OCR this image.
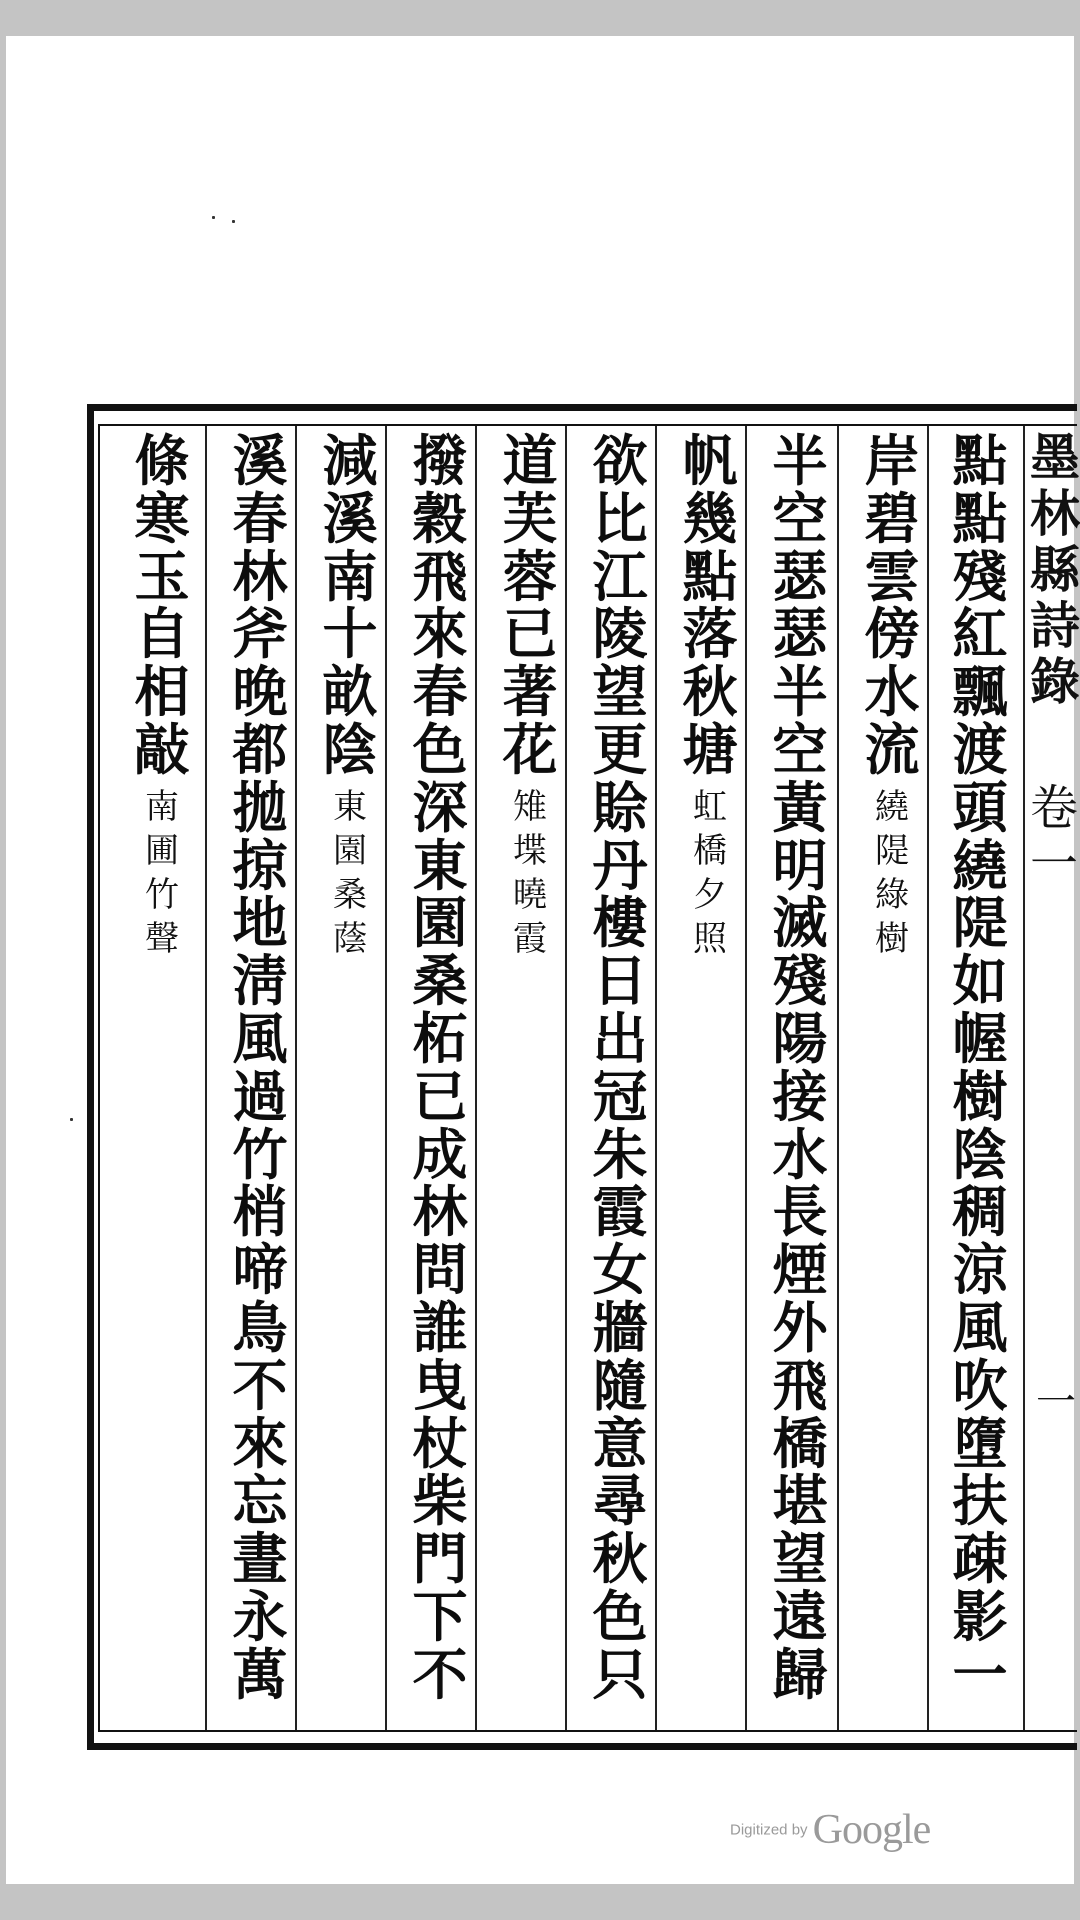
墨
林
縣
詩
錄
卷
一
一
點
點
殘
紅
飄
渡
頭
繞
隄
如
幄
樹
陰
稠
涼
風
吹
墮
扶
疎
影
一
岸
碧
雲
傍
水
流
繞
隄
綠
樹
半
空
瑟
瑟
半
空
黃
明
滅
殘
陽
接
水
長
煙
外
飛
橋
堪
望
遠
歸
帆
幾
點
落
秋
塘
虹
橋
夕
照
欲
比
江
陵
望
更
賒
丹
樓
日
出
冠
朱
霞
女
牆
隨
意
尋
秋
色
只
道
芙
蓉
已
著
花
雉
堞
曉
霞
撥
穀
飛
來
春
色
深
東
園
桑
柘
已
成
林
問
誰
曳
杖
柴
門
下
不
減
溪
南
十
畝
陰
東
園
桑
蔭
溪
春
林
斧
晚
都
拋
掠
地
淸
風
過
竹
梢
啼
鳥
不
來
忘
晝
永
萬
條
寒
玉
自
相
敲
南
圃
竹
聲
Digitized by Google
